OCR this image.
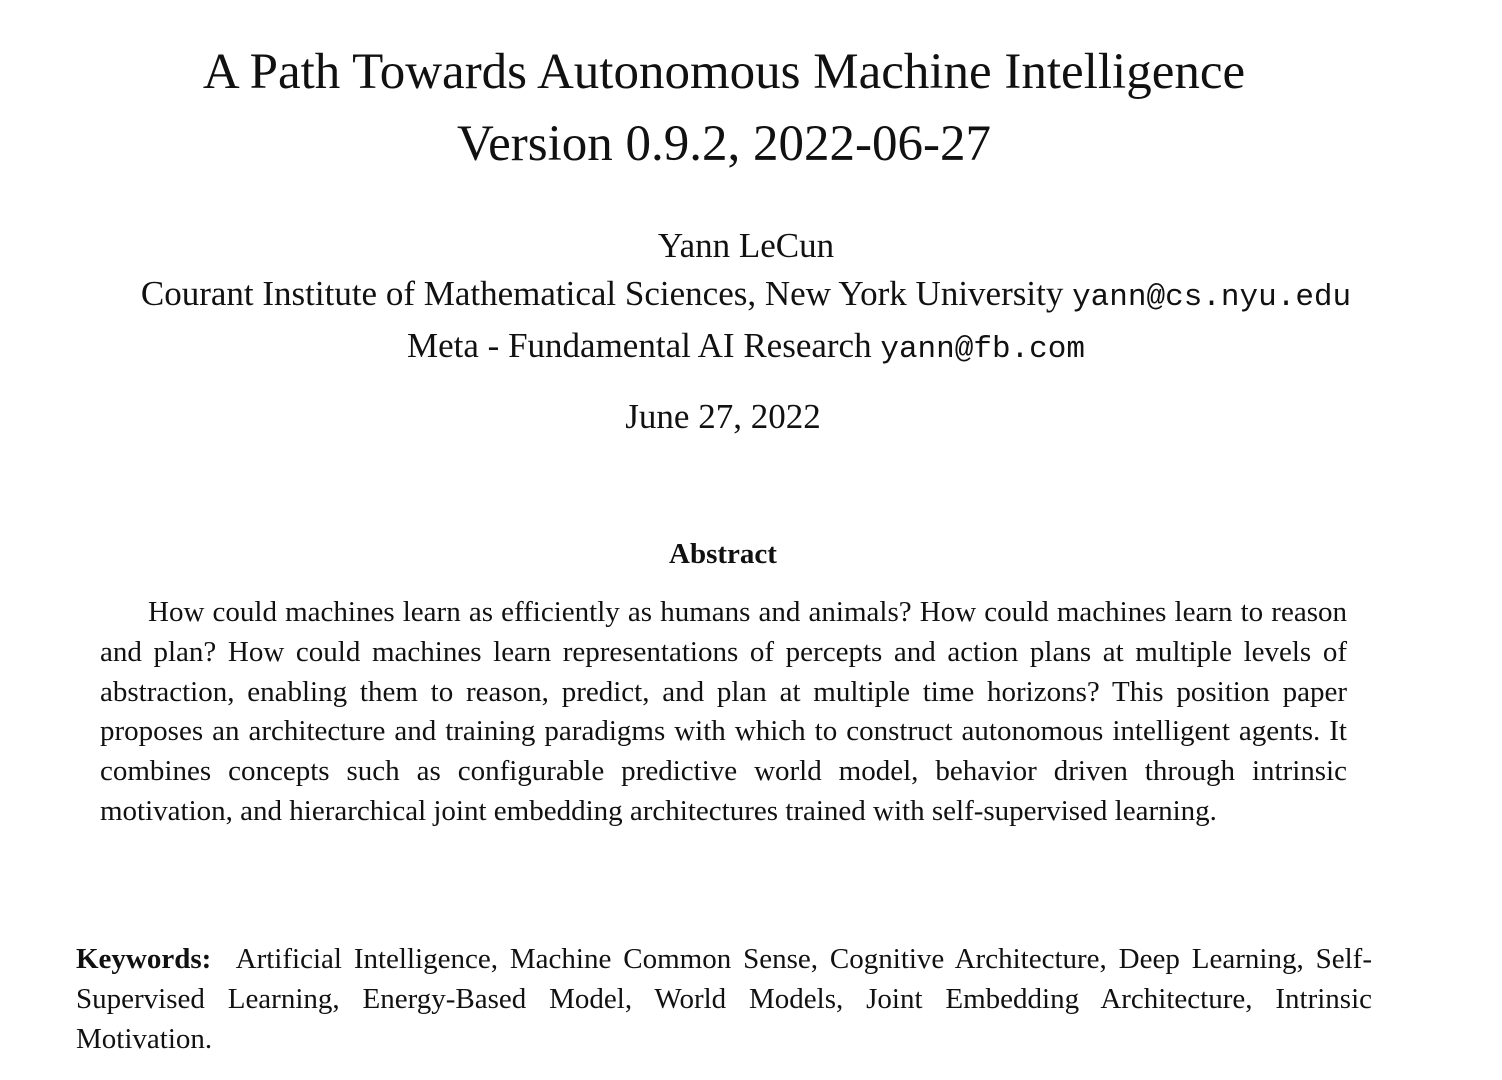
A Path Towards Autonomous Machine Intelligence
Version 0.9.2, 2022-06-27
Yann LeCun
Courant Institute of Mathematical Sciences, New York University yann@cs.nyu.edu
Meta - Fundamental AI Research yann@fb.com
June 27, 2022
Abstract
How could machines learn as efficiently as humans and animals? How could machines learn to reason and plan? How could machines learn representations of percepts and action plans at multiple levels of abstraction, enabling them to reason, predict, and plan at multiple time horizons? This position paper proposes an architecture and training paradigms with which to construct autonomous intelligent agents. It combines concepts such as configurable predictive world model, behavior driven through intrinsic motivation, and hierarchical joint embedding architectures trained with self-supervised learning.
Keywords: Artificial Intelligence, Machine Common Sense, Cognitive Architecture, Deep Learning, Self-Supervised Learning, Energy-Based Model, World Models, Joint Embedding Architecture, Intrinsic Motivation.
